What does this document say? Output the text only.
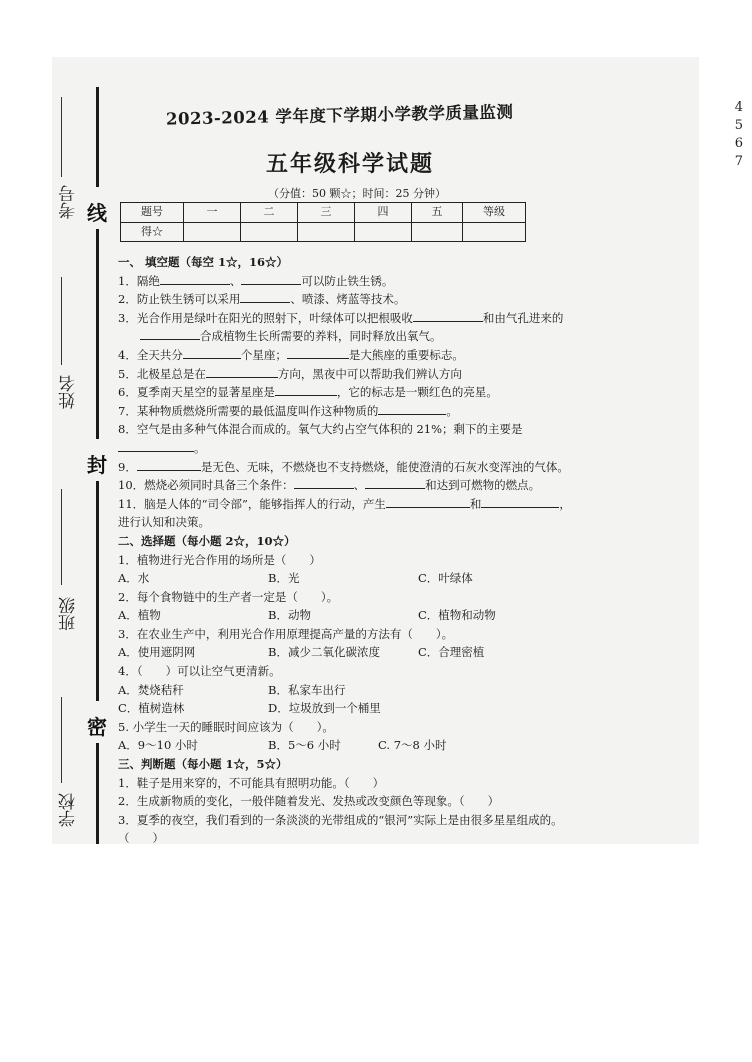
线
封
密
考号
姓名
班级
学校
2023-2024 学年度下学期小学教学质量监测
五年级科学试题
（分值：50 颗☆；时间：25 分钟）
题号	一	二	三	四	五	等级
得☆						
一、 填空题（每空 1☆，16☆）
1．隔绝	、	可以防止铁生锈。
2．防止铁生锈可以采用	、喷漆、烤蓝等技术。
3．光合作用是绿叶在阳光的照射下，叶绿体可以把根吸收	和由气孔进来的
合成植物生长所需要的养料，同时释放出氧气。
4．全天共分	个星座；	是大熊座的重要标志。
5．北极星总是在	方向，黑夜中可以帮助我们辨认方向
6．夏季南天星空的显著星座是	，它的标志是一颗红色的亮星。
7．某种物质燃烧所需要的最低温度叫作这种物质的	。
8．空气是由多种气体混合而成的。氧气大约占空气体积的 21%；剩下的主要是
。
9．	是无色、无味，不燃烧也不支持燃烧，能使澄清的石灰水变浑浊的气体。
10．燃烧必须同时具备三个条件：	、	和达到可燃物的燃点。
11．脑是人体的“司令部”，能够指挥人的行动，产生	和	，
进行认知和决策。
二、选择题（每小题 2☆，10☆）
1．植物进行光合作用的场所是（　　）
A．水	B．光	C．叶绿体
2．每个食物链中的生产者一定是（　　）。
A．植物	B．动物	C．植物和动物
3．在农业生产中，利用光合作用原理提高产量的方法有（　　）。
A．使用遮阴网	B．减少二氧化碳浓度	C．合理密植
4．（　　）可以让空气更清新。
A．焚烧秸秆	B．私家车出行
C．植树造林	D．垃圾放到一个桶里
5. 小学生一天的睡眠时间应该为（　　）。
A．9～10 小时	B．5～6 小时	C. 7～8 小时
三、判断题（每小题 1☆，5☆）
1．鞋子是用来穿的，不可能具有照明功能。（　　）
2．生成新物质的变化，一般伴随着发光、发热或改变颜色等现象。（　　）
3．夏季的夜空，我们看到的一条淡淡的光带组成的“银河”实际上是由很多星星组成的。
（　　）
4
5
6
7
